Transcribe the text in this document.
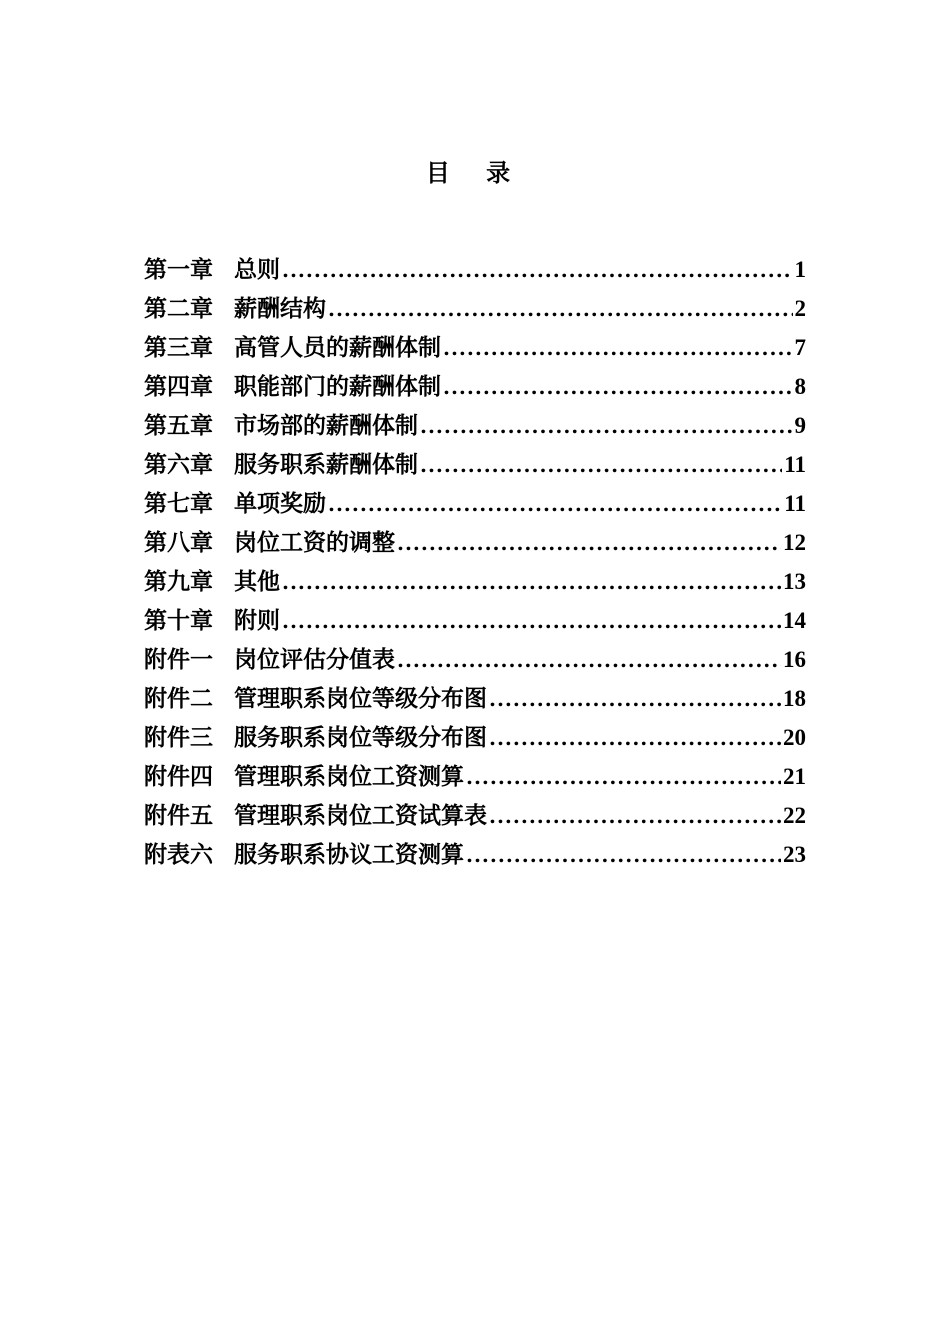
目 录
第一章 总则 .....	1
第二章 薪酬结构 .....	2
第三章 高管人员的薪酬体制 .....	7
第四章 职能部门的薪酬体制 .....	8
第五章 市场部的薪酬体制 .....	9
第六章 服务职系薪酬体制 .....	11
第七章 单项奖励 .....	11
第八章 岗位工资的调整 .....	12
第九章 其他 .....	13
第十章 附则 .....	14
附件一 岗位评估分值表 .....	16
附件二 管理职系岗位等级分布图 .....	18
附件三 服务职系岗位等级分布图 .....	20
附件四 管理职系岗位工资测算 .....	21
附件五 管理职系岗位工资试算表 .....	22
附表六 服务职系协议工资测算 .....	23
